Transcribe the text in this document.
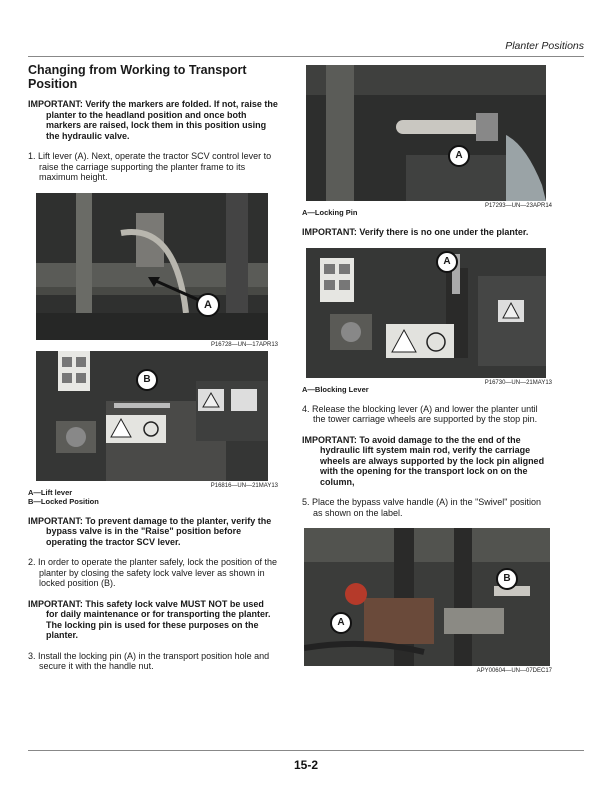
Planter Positions
Changing from Working to Transport Position

IMPORTANT: Verify the markers are folded. If not, raise the planter to the headland position and once both markers are raised, lock them in this position using the hydraulic valve.

1. Lift lever (A). Next, operate the tractor SCV control lever to raise the carriage supporting the planter frame to its maximum height.

A
P16728—UN—17APR13
B
P16816—UN—21MAY13
A—Lift lever
B—Locked Position

IMPORTANT: To prevent damage to the planter, verify the bypass valve is in the "Raise" position before operating the tractor SCV lever.

2. In order to operate the planter safely, lock the position of the planter by closing the safety lock valve lever as shown in locked position (B).

IMPORTANT: This safety lock valve MUST NOT be used for daily maintenance or for transporting the planter. The locking pin is used for these purposes on the planter.

3. Install the locking pin (A) in the transport position hole and secure it with the handle nut.

A
P17293—UN—23APR14
A—Locking Pin

IMPORTANT: Verify there is no one under the planter.

A
P16730—UN—21MAY13
A—Blocking Lever

4. Release the blocking lever (A) and lower the planter until the tower carriage wheels are supported by the stop pin.

IMPORTANT: To avoid damage to the the end of the hydraulic lift system main rod, verify the carriage wheels are always supported by the lock pin aligned with the opening for the transport lock on on the column,

5. Place the bypass valve handle (A) in the "Swivel" position as shown on the label.

A
B
APY00604—UN—07DEC17
15-2
